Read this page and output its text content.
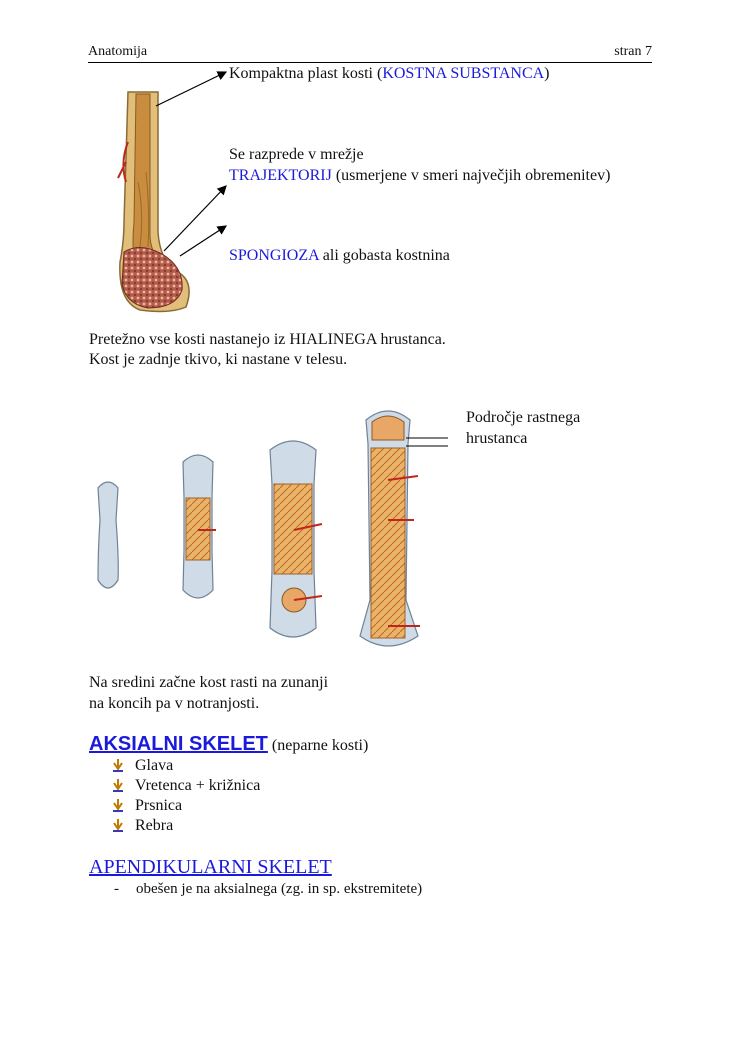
Anatomija	stran 7
Kompaktna plast kosti (KOSTNA SUBSTANCA)
Se razprede v mrežje
TRAJEKTORIJ (usmerjene v smeri največjih obremenitev)
SPONGIOZA ali gobasta kostnina
Pretežno vse kosti nastanejo iz HIALINEGA hrustanca.
Kost je zadnje tkivo, ki nastane v telesu.
Področje rastnega
hrustanca
Na sredini začne kost rasti na zunanji
na koncih pa v notranjosti.
AKSIALNI SKELET (neparne kosti)
Glava
Vretenca + križnica
Prsnica
Rebra
APENDIKULARNI SKELET
- obešen je na aksialnega (zg. in sp. ekstremitete)
